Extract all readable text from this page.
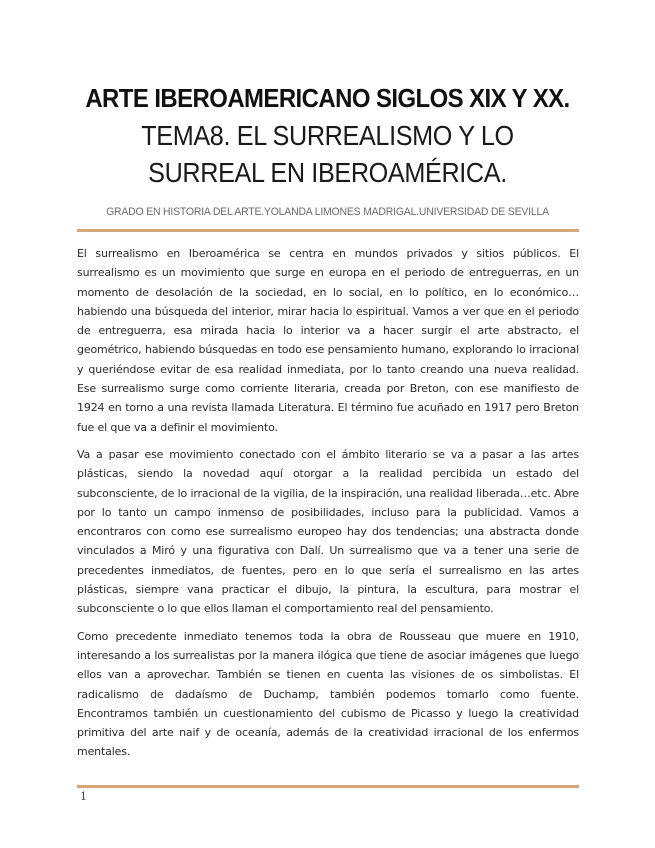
ARTE IBEROAMERICANO SIGLOS XIX Y XX.
TEMA8. EL SURREALISMO Y LO SURREAL EN IBEROAMÉRICA.
GRADO EN HISTORIA DEL ARTE.YOLANDA LIMONES MADRIGAL.UNIVERSIDAD DE SEVILLA

El surrealismo en Iberoamérica se centra en mundos privados y sitios públicos. El surrealismo es un movimiento que surge en europa en el periodo de entreguerras, en un momento de desolación de la sociedad, en lo social, en lo político, en lo económico… habiendo una búsqueda del interior, mirar hacia lo espiritual. Vamos a ver que en el periodo de entreguerra, esa mirada hacia lo interior va a hacer surgir el arte abstracto, el geométrico, habiendo búsquedas en todo ese pensamiento humano, explorando lo irracional y queriéndose evitar de esa realidad inmediata, por lo tanto creando una nueva realidad. Ese surrealismo surge como corriente literaria, creada por Breton, con ese manifiesto de 1924 en torno a una revista llamada Literatura. El término fue acuñado en 1917 pero Breton fue el que va a definir el movimiento.

Va a pasar ese movimiento conectado con el ámbito literario se va a pasar a las artes plásticas, siendo la novedad aquí otorgar a la realidad percibida un estado del subconsciente, de lo irracional de la vigilia, de la inspiración, una realidad liberada…etc. Abre por lo tanto un campo inmenso de posibilidades, incluso para la publicidad. Vamos a encontraros con como ese surrealismo europeo hay dos tendencias; una abstracta donde vinculados a Miró y una figurativa con Dalí. Un surrealismo que va a tener una serie de precedentes inmediatos, de fuentes, pero en lo que sería el surrealismo en las artes plásticas, siempre vana practicar el dibujo, la pintura, la escultura, para mostrar el subconsciente o lo que ellos llaman el comportamiento real del pensamiento.

Como precedente inmediato tenemos toda la obra de Rousseau que muere en 1910, interesando a los surrealistas por la manera ilógica que tiene de asociar imágenes que luego ellos van a aprovechar. También se tienen en cuenta las visiones de os simbolistas. El radicalismo de dadaísmo de Duchamp, también podemos tomarlo como fuente. Encontramos también un cuestionamiento del cubismo de Picasso y luego la creatividad primitiva del arte naif y de oceanía, además de la creatividad irracional de los enfermos mentales.

1
